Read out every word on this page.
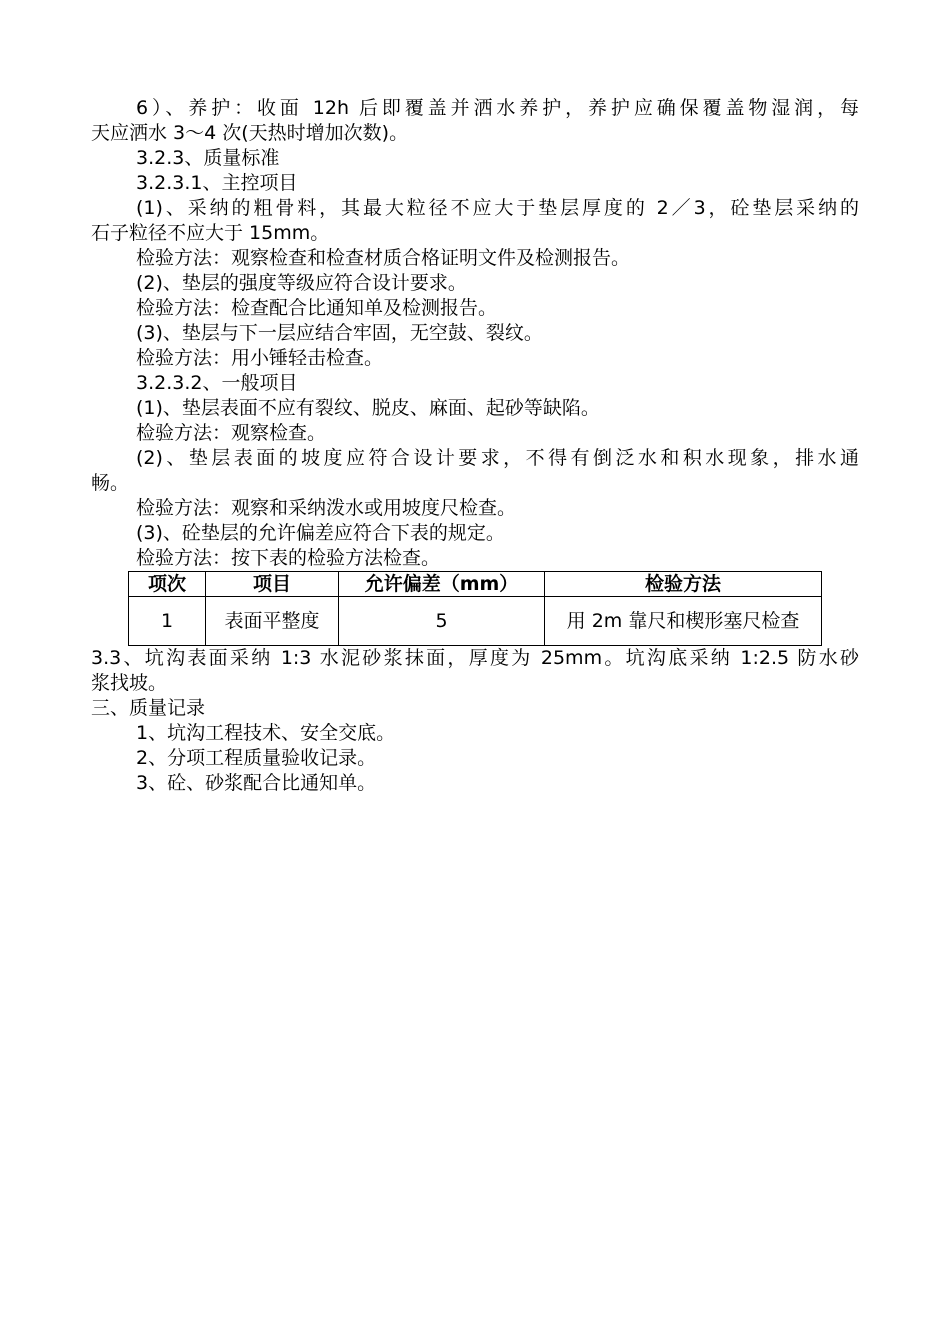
6）、养护：收面 12h 后即覆盖并洒水养护，养护应确保覆盖物湿润，每
天应洒水 3～4 次(天热时增加次数)。
3.2.3、质量标准
3.2.3.1、主控项目
(1)、采纳的粗骨料，其最大粒径不应大于垫层厚度的 2／3，砼垫层采纳的
石子粒径不应大于 15mm。
检验方法：观察检查和检查材质合格证明文件及检测报告。
(2)、垫层的强度等级应符合设计要求。
检验方法：检查配合比通知单及检测报告。
(3)、垫层与下一层应结合牢固，无空鼓、裂纹。
检验方法：用小锤轻击检查。
3.2.3.2、一般项目
(1)、垫层表面不应有裂纹、脱皮、麻面、起砂等缺陷。
检验方法：观察检查。
(2)、垫层表面的坡度应符合设计要求，不得有倒泛水和积水现象，排水通
畅。
检验方法：观察和采纳泼水或用坡度尺检查。
(3)、砼垫层的允许偏差应符合下表的规定。
检验方法：按下表的检验方法检查。
项次	项目	允许偏差（mm）	检验方法
1	表面平整度	5	用 2m 靠尺和楔形塞尺检查
3.3、坑沟表面采纳 1:3 水泥砂浆抹面，厚度为 25mm。坑沟底采纳 1:2.5 防水砂
浆找坡。
三、质量记录
1、坑沟工程技术、安全交底。
2、分项工程质量验收记录。
3、砼、砂浆配合比通知单。
